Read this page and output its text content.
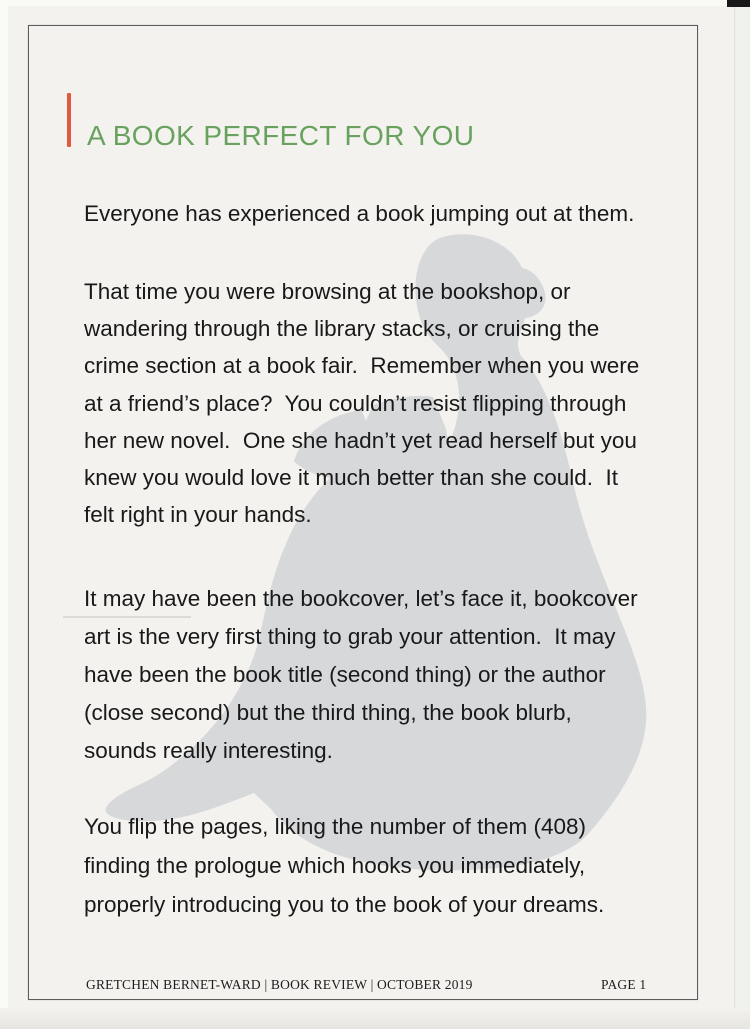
A BOOK PERFECT FOR YOU
Everyone has experienced a book jumping out at them.
That time you were browsing at the bookshop, or
wandering through the library stacks, or cruising the
crime section at a book fair.  Remember when you were
at a friend’s place?  You couldn’t resist flipping through
her new novel.  One she hadn’t yet read herself but you
knew you would love it much better than she could.  It
felt right in your hands.
It may have been the bookcover, let’s face it, bookcover
art is the very first thing to grab your attention.  It may
have been the book title (second thing) or the author
(close second) but the third thing, the book blurb,
sounds really interesting.
You flip the pages, liking the number of them (408)
finding the prologue which hooks you immediately,
properly introducing you to the book of your dreams.
GRETCHEN BERNET-WARD | BOOK REVIEW | OCTOBER 2019	PAGE 1
